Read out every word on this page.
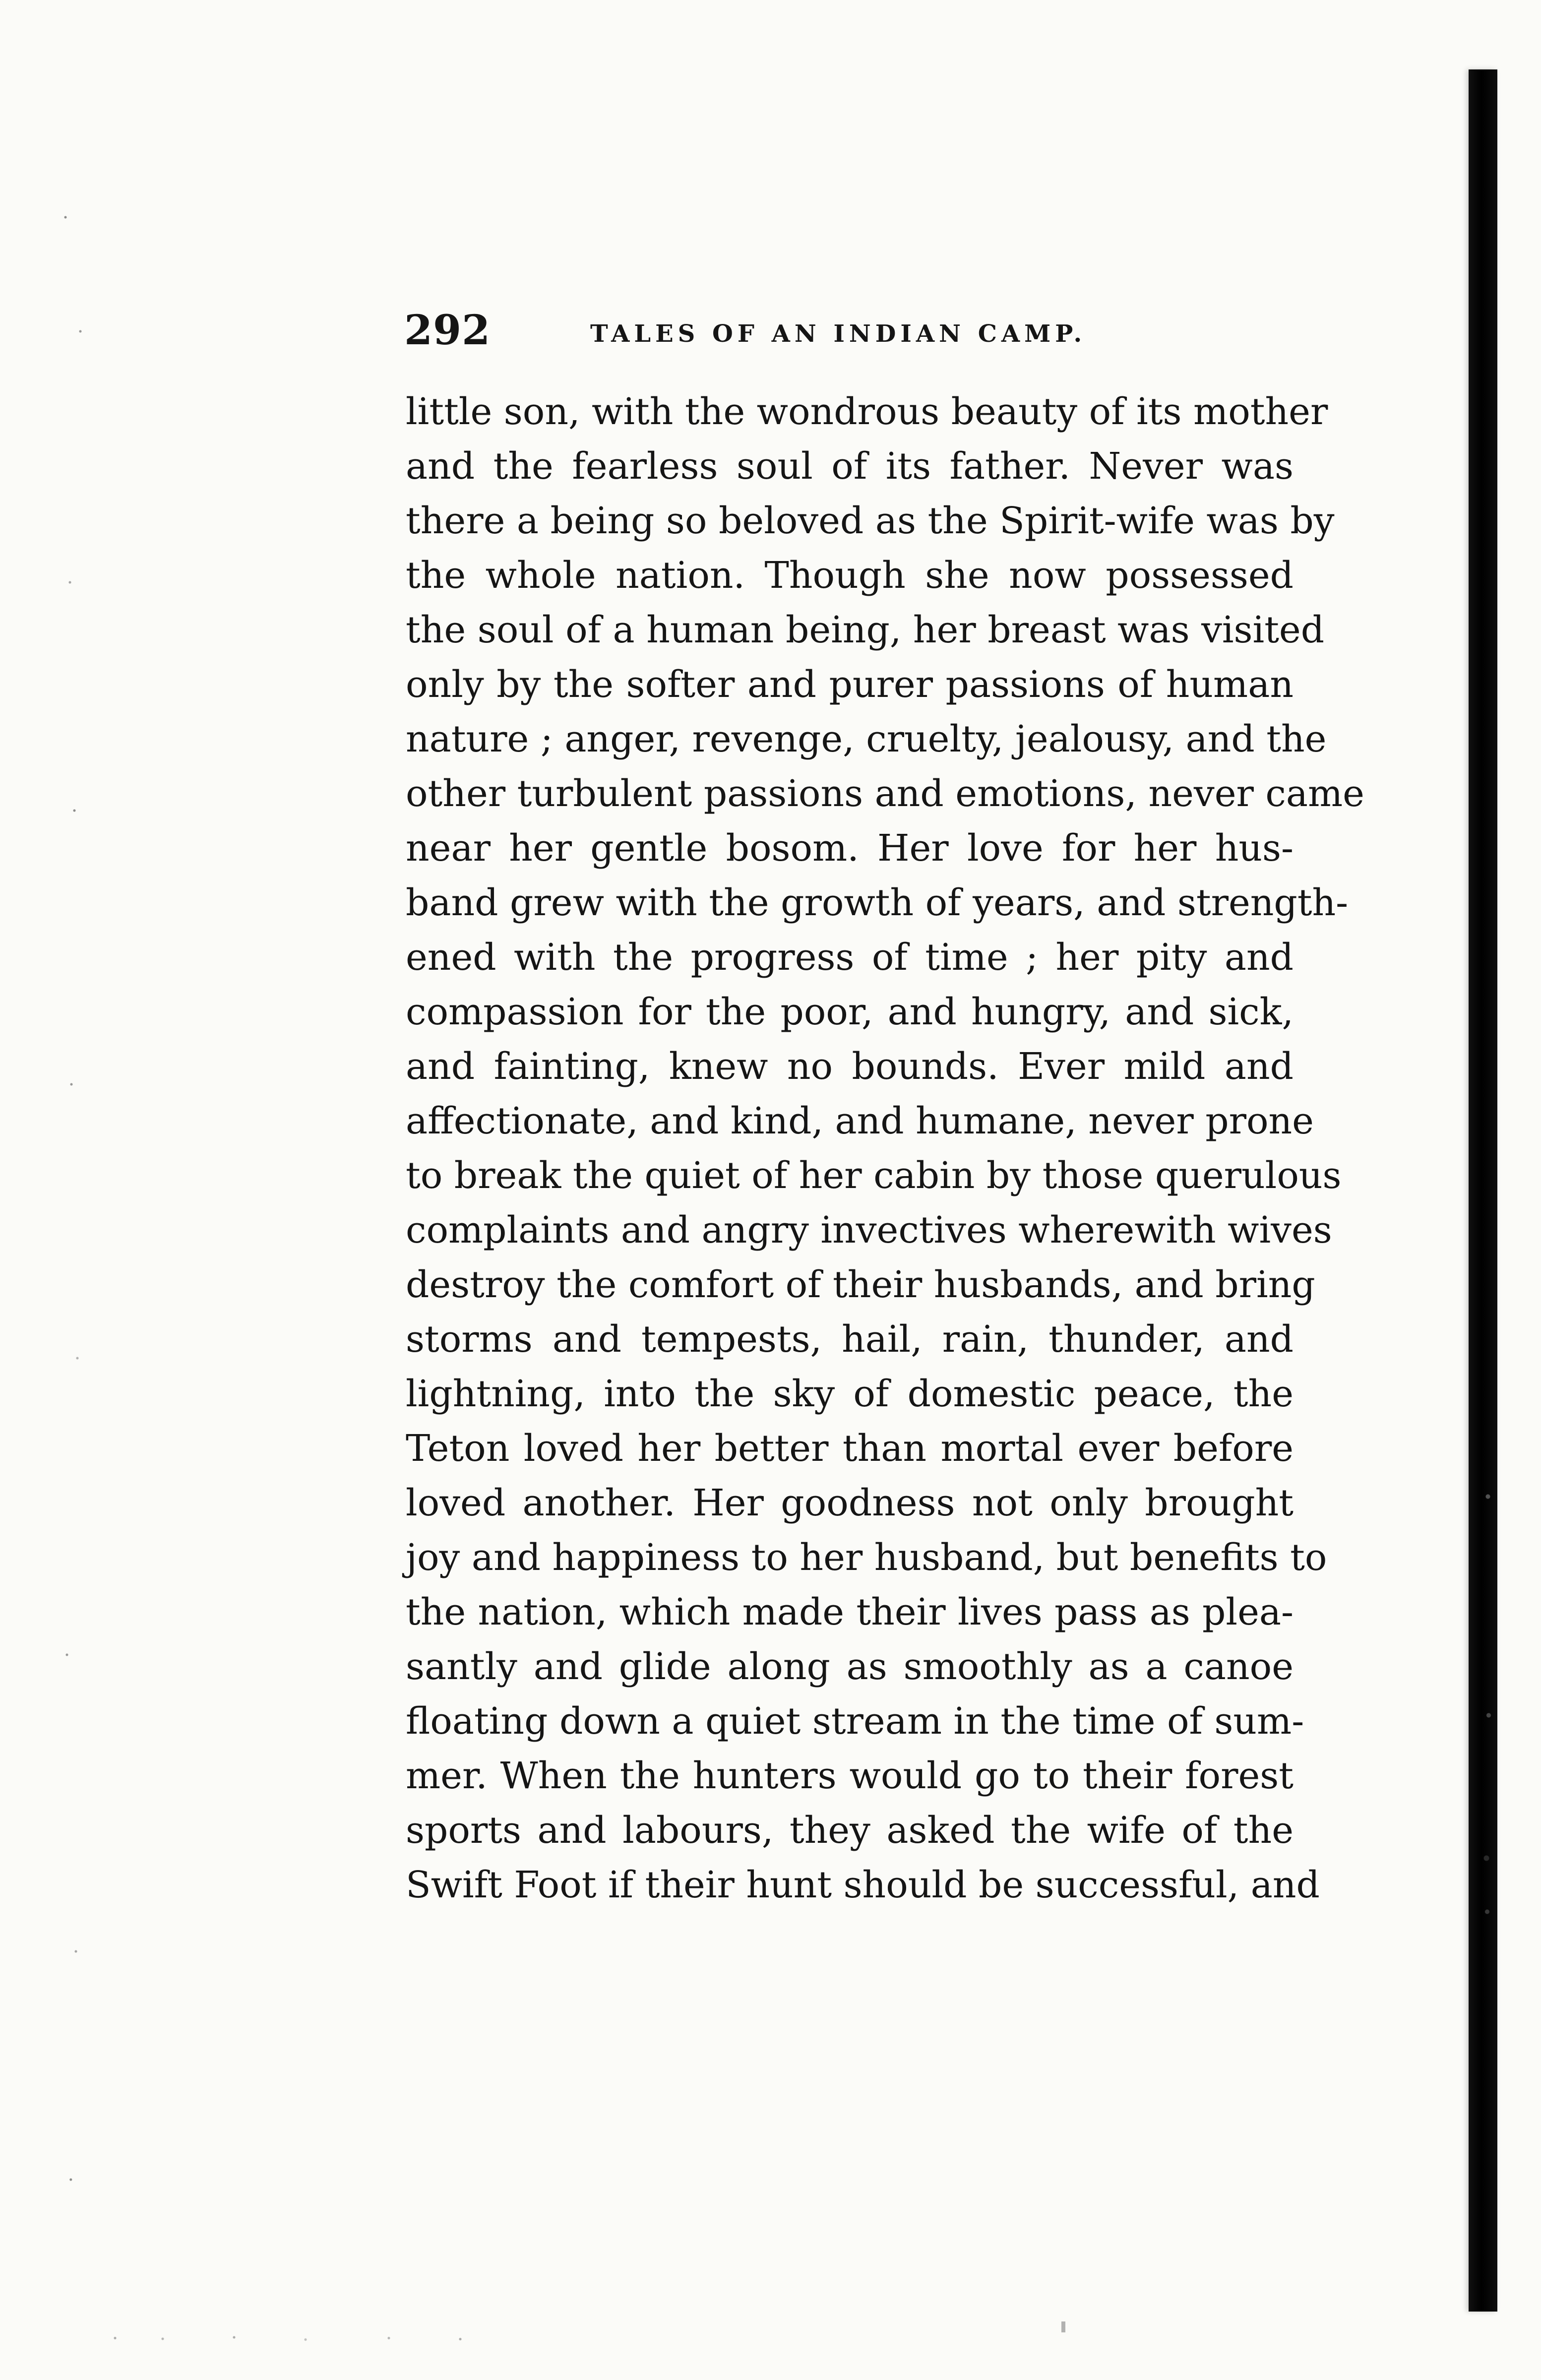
292	TALES OF AN INDIAN CAMP.
little son, with the wondrous beauty of its mother
and the fearless soul of its father. Never was
there a being so beloved as the Spirit-wife was by
the whole nation. Though she now possessed
the soul of a human being, her breast was visited
only by the softer and purer passions of human
nature ; anger, revenge, cruelty, jealousy, and the
other turbulent passions and emotions, never came
near her gentle bosom. Her love for her hus-
band grew with the growth of years, and strength-
ened with the progress of time ; her pity and
compassion for the poor, and hungry, and sick,
and fainting, knew no bounds. Ever mild and
affectionate, and kind, and humane, never prone
to break the quiet of her cabin by those querulous
complaints and angry invectives wherewith wives
destroy the comfort of their husbands, and bring
storms and tempests, hail, rain, thunder, and
lightning, into the sky of domestic peace, the
Teton loved her better than mortal ever before
loved another. Her goodness not only brought
joy and happiness to her husband, but benefits to
the nation, which made their lives pass as plea-
santly and glide along as smoothly as a canoe
floating down a quiet stream in the time of sum-
mer. When the hunters would go to their forest
sports and labours, they asked the wife of the
Swift Foot if their hunt should be successful, and
